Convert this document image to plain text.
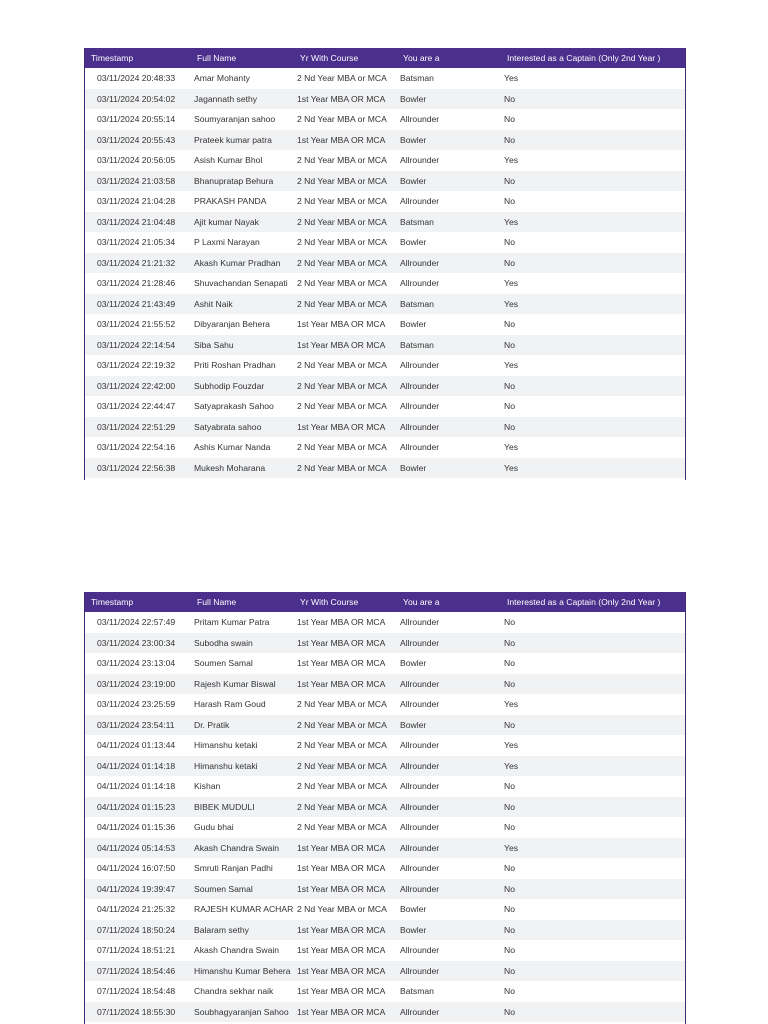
Timestamp	Full Name	Yr With Course	You are a	Interested as a Captain (Only 2nd Year )
03/11/2024 20:48:33	Amar Mohanty	2 Nd Year MBA or MCA	Batsman	Yes
03/11/2024 20:54:02	Jagannath sethy	1st Year MBA OR MCA	Bowler	No
03/11/2024 20:55:14	Soumyaranjan sahoo	2 Nd Year MBA or MCA	Allrounder	No
03/11/2024 20:55:43	Prateek kumar patra	1st Year MBA OR MCA	Bowler	No
03/11/2024 20:56:05	Asish Kumar Bhol	2 Nd Year MBA or MCA	Allrounder	Yes
03/11/2024 21:03:58	Bhanupratap Behura	2 Nd Year MBA or MCA	Bowler	No
03/11/2024 21:04:28	PRAKASH PANDA	2 Nd Year MBA or MCA	Allrounder	No
03/11/2024 21:04:48	Ajit kumar Nayak	2 Nd Year MBA or MCA	Batsman	Yes
03/11/2024 21:05:34	P Laxmi Narayan	2 Nd Year MBA or MCA	Bowler	No
03/11/2024 21:21:32	Akash Kumar Pradhan	2 Nd Year MBA or MCA	Allrounder	No
03/11/2024 21:28:46	Shuvachandan Senapati	2 Nd Year MBA or MCA	Allrounder	Yes
03/11/2024 21:43:49	Ashit Naik	2 Nd Year MBA or MCA	Batsman	Yes
03/11/2024 21:55:52	Dibyaranjan Behera	1st Year MBA OR MCA	Bowler	No
03/11/2024 22:14:54	Siba Sahu	1st Year MBA OR MCA	Batsman	No
03/11/2024 22:19:32	Priti Roshan Pradhan	2 Nd Year MBA or MCA	Allrounder	Yes
03/11/2024 22:42:00	Subhodip Fouzdar	2 Nd Year MBA or MCA	Allrounder	No
03/11/2024 22:44:47	Satyaprakash Sahoo	2 Nd Year MBA or MCA	Allrounder	No
03/11/2024 22:51:29	Satyabrata sahoo	1st Year MBA OR MCA	Allrounder	No
03/11/2024 22:54:16	Ashis Kumar Nanda	2 Nd Year MBA or MCA	Allrounder	Yes
03/11/2024 22:56:38	Mukesh Moharana	2 Nd Year MBA or MCA	Bowler	Yes
Timestamp	Full Name	Yr With Course	You are a	Interested as a Captain (Only 2nd Year )
03/11/2024 22:57:49	Pritam Kumar Patra	1st Year MBA OR MCA	Allrounder	No
03/11/2024 23:00:34	Subodha swain	1st Year MBA OR MCA	Allrounder	No
03/11/2024 23:13:04	Soumen Samal	1st Year MBA OR MCA	Bowler	No
03/11/2024 23:19:00	Rajesh Kumar Biswal	1st Year MBA OR MCA	Allrounder	No
03/11/2024 23:25:59	Harash Ram Goud	2 Nd Year MBA or MCA	Allrounder	Yes
03/11/2024 23:54:11	Dr. Pratik	2 Nd Year MBA or MCA	Bowler	No
04/11/2024 01:13:44	Himanshu ketaki	2 Nd Year MBA or MCA	Allrounder	Yes
04/11/2024 01:14:18	Himanshu ketaki	2 Nd Year MBA or MCA	Allrounder	Yes
04/11/2024 01:14:18	Kishan	2 Nd Year MBA or MCA	Allrounder	No
04/11/2024 01:15:23	BIBEK MUDULI	2 Nd Year MBA or MCA	Allrounder	No
04/11/2024 01:15:36	Gudu bhai	2 Nd Year MBA or MCA	Allrounder	No
04/11/2024 05:14:53	Akash Chandra Swain	1st Year MBA OR MCA	Allrounder	Yes
04/11/2024 16:07:50	Smruti Ranjan Padhi	1st Year MBA OR MCA	Allrounder	No
04/11/2024 19:39:47	Soumen Samal	1st Year MBA OR MCA	Allrounder	No
04/11/2024 21:25:32	RAJESH KUMAR ACHAR	2 Nd Year MBA or MCA	Bowler	No
07/11/2024 18:50:24	Balaram sethy	1st Year MBA OR MCA	Bowler	No
07/11/2024 18:51:21	Akash Chandra Swain	1st Year MBA OR MCA	Allrounder	No
07/11/2024 18:54:46	Himanshu Kumar Behera	1st Year MBA OR MCA	Allrounder	No
07/11/2024 18:54:48	Chandra sekhar naik	1st Year MBA OR MCA	Batsman	No
07/11/2024 18:55:30	Soubhagyaranjan Sahoo	1st Year MBA OR MCA	Allrounder	No
